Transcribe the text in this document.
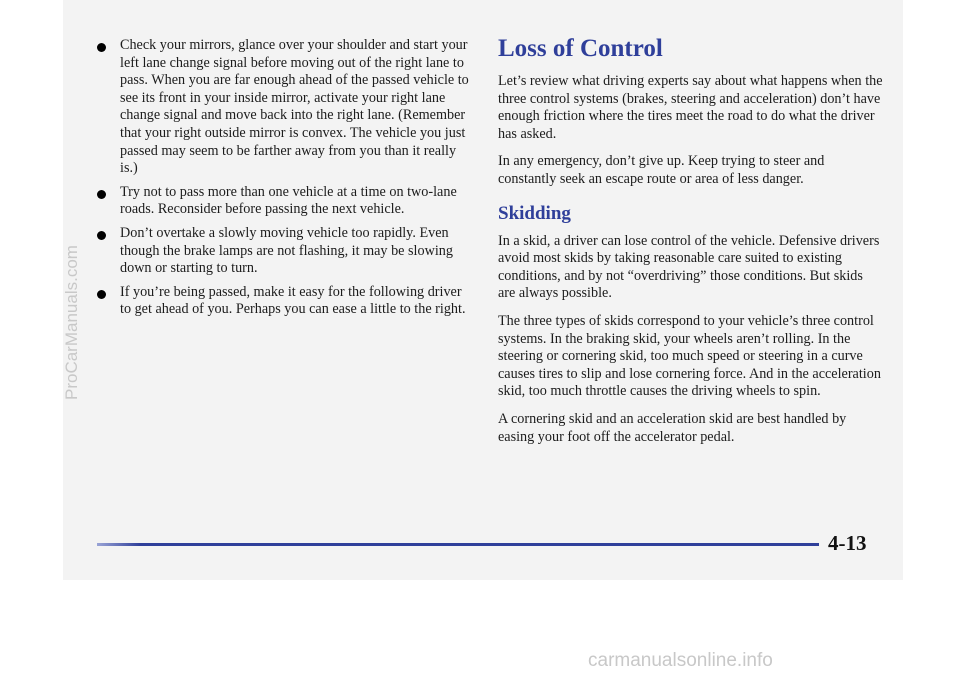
Check your mirrors, glance over your shoulder and start your left lane change signal before moving out of the right lane to pass. When you are far enough ahead of the passed vehicle to see its front in your inside mirror, activate your right lane change signal and move back into the right lane. (Remember that your right outside mirror is convex. The vehicle you just passed may seem to be farther away from you than it really is.)
Try not to pass more than one vehicle at a time on two-lane roads. Reconsider before passing the next vehicle.
Don’t overtake a slowly moving vehicle too rapidly. Even though the brake lamps are not flashing, it may be slowing down or starting to turn.
If you’re being passed, make it easy for the following driver to get ahead of you. Perhaps you can ease a little to the right.
Loss of Control

Let’s review what driving experts say about what happens when the three control systems (brakes, steering and acceleration) don’t have enough friction where the tires meet the road to do what the driver has asked.

In any emergency, don’t give up. Keep trying to steer and constantly seek an escape route or area of less danger.

Skidding

In a skid, a driver can lose control of the vehicle. Defensive drivers avoid most skids by taking reasonable care suited to existing conditions, and by not “overdriving” those conditions. But skids are always possible.

The three types of skids correspond to your vehicle’s three control systems. In the braking skid, your wheels aren’t rolling. In the steering or cornering skid, too much speed or steering in a curve causes tires to slip and lose cornering force. And in the acceleration skid, too much throttle causes the driving wheels to spin.

A cornering skid and an acceleration skid are best handled by easing your foot off the accelerator pedal.

4-13
ProCarManuals.com
carmanualsonline.info
